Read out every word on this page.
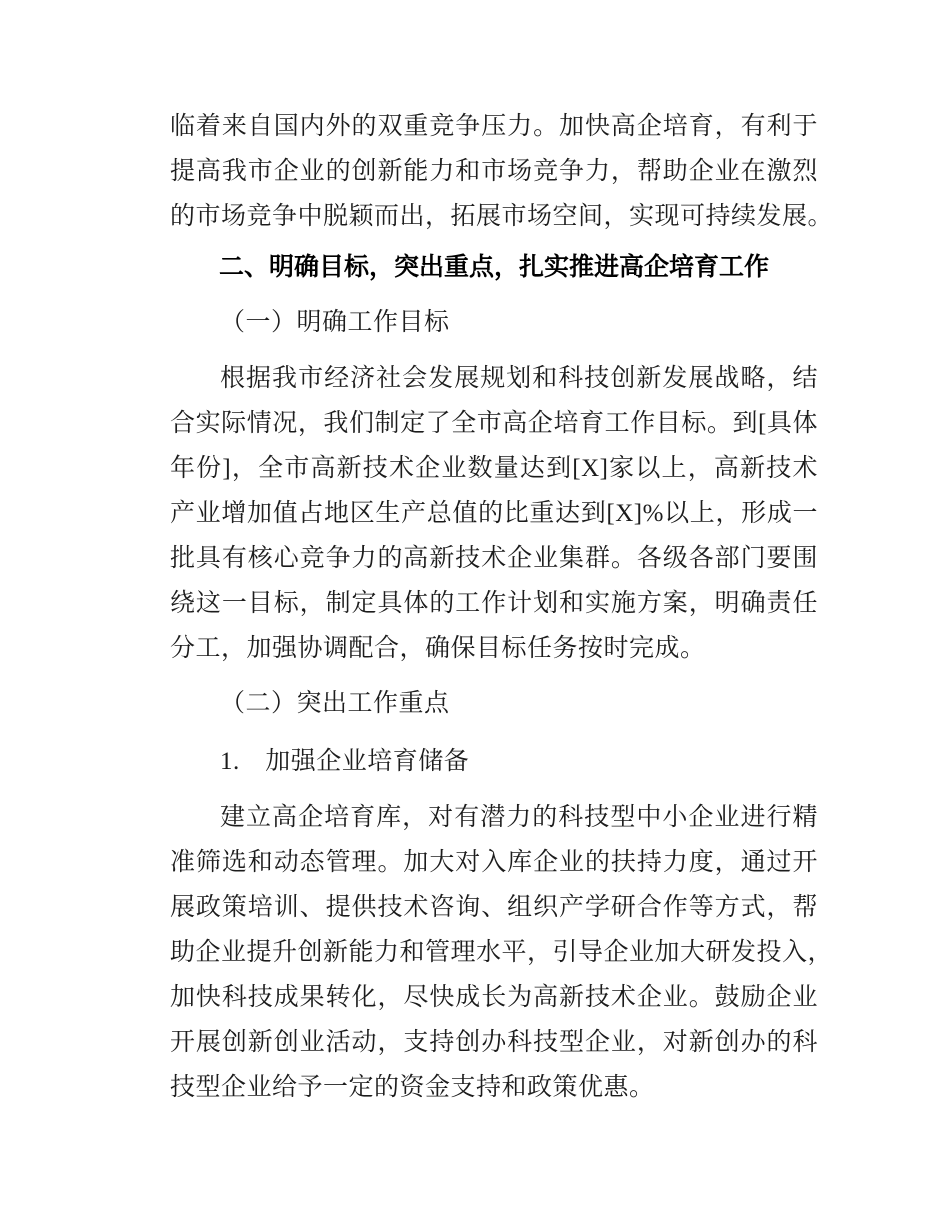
临着来自国内外的双重竞争压力。加快高企培育，有利于
提高我市企业的创新能力和市场竞争力，帮助企业在激烈
的市场竞争中脱颖而出，拓展市场空间，实现可持续发展。
二、明确目标，突出重点，扎实推进高企培育工作
（一）明确工作目标
根据我市经济社会发展规划和科技创新发展战略，结
合实际情况，我们制定了全市高企培育工作目标。到[具体
年份]，全市高新技术企业数量达到[X]家以上，高新技术
产业增加值占地区生产总值的比重达到[X]%以上，形成一
批具有核心竞争力的高新技术企业集群。各级各部门要围
绕这一目标，制定具体的工作计划和实施方案，明确责任
分工，加强协调配合，确保目标任务按时完成。
（二）突出工作重点
1.　加强企业培育储备
建立高企培育库，对有潜力的科技型中小企业进行精
准筛选和动态管理。加大对入库企业的扶持力度，通过开
展政策培训、提供技术咨询、组织产学研合作等方式，帮
助企业提升创新能力和管理水平，引导企业加大研发投入，
加快科技成果转化，尽快成长为高新技术企业。鼓励企业
开展创新创业活动，支持创办科技型企业，对新创办的科
技型企业给予一定的资金支持和政策优惠。
